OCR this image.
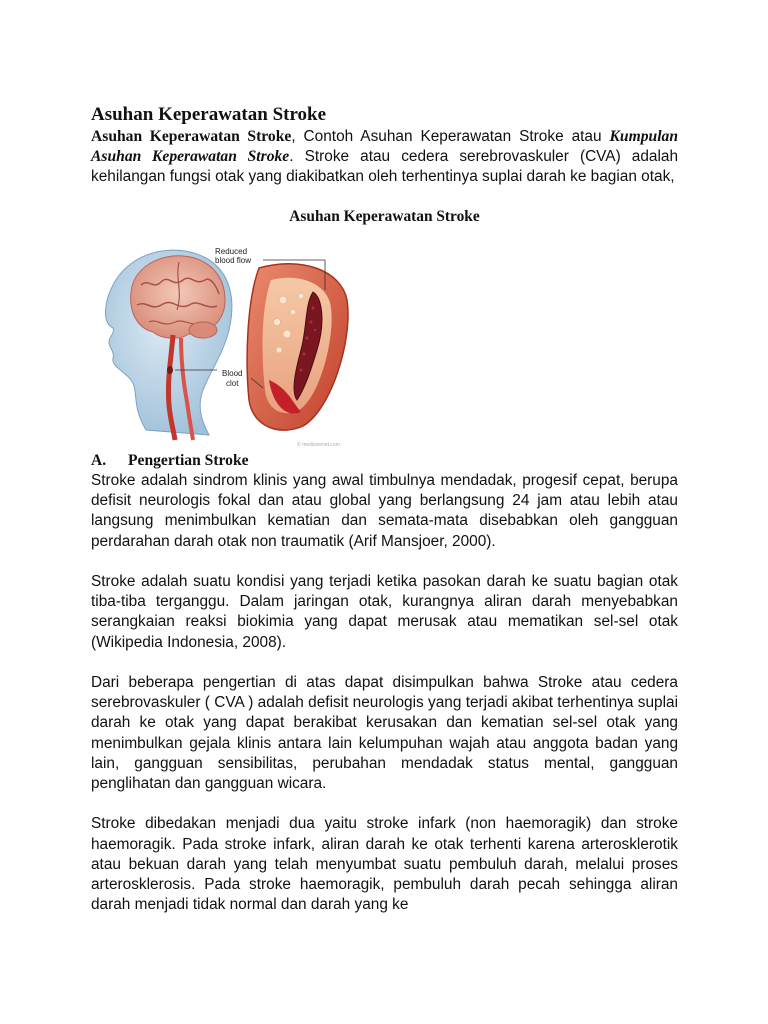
Asuhan Keperawatan Stroke

Asuhan Keperawatan Stroke, Contoh Asuhan Keperawatan Stroke atau Kumpulan Asuhan Keperawatan Stroke. Stroke atau cedera serebrovaskuler (CVA) adalah kehilangan fungsi otak yang diakibatkan oleh terhentinya suplai darah ke bagian otak,

Asuhan Keperawatan Stroke

Reduced
blood flow
Blood
clot
© medicinenet.com
A. Pengertian Stroke

Stroke adalah sindrom klinis yang awal timbulnya mendadak, progesif cepat, berupa defisit neurologis fokal dan atau global yang berlangsung 24 jam atau lebih atau langsung menimbulkan kematian dan semata-mata disebabkan oleh gangguan perdarahan darah otak non traumatik (Arif Mansjoer, 2000).

Stroke adalah suatu kondisi yang terjadi ketika pasokan darah ke suatu bagian otak tiba-tiba terganggu. Dalam jaringan otak, kurangnya aliran darah menyebabkan serangkaian reaksi biokimia yang dapat merusak atau mematikan sel-sel otak (Wikipedia Indonesia, 2008).

Dari beberapa pengertian di atas dapat disimpulkan bahwa Stroke atau cedera serebrovaskuler ( CVA ) adalah defisit neurologis yang terjadi akibat terhentinya suplai darah ke otak yang dapat berakibat kerusakan dan kematian sel-sel otak yang menimbulkan gejala klinis antara lain kelumpuhan wajah atau anggota badan yang lain, gangguan sensibilitas, perubahan mendadak status mental, gangguan penglihatan dan gangguan wicara.

Stroke dibedakan menjadi dua yaitu stroke infark (non haemoragik) dan stroke haemoragik. Pada stroke infark, aliran darah ke otak terhenti karena arterosklerotik atau bekuan darah yang telah menyumbat suatu pembuluh darah, melalui proses arterosklerosis. Pada stroke haemoragik, pembuluh darah pecah sehingga aliran darah menjadi tidak normal dan darah yang ke
